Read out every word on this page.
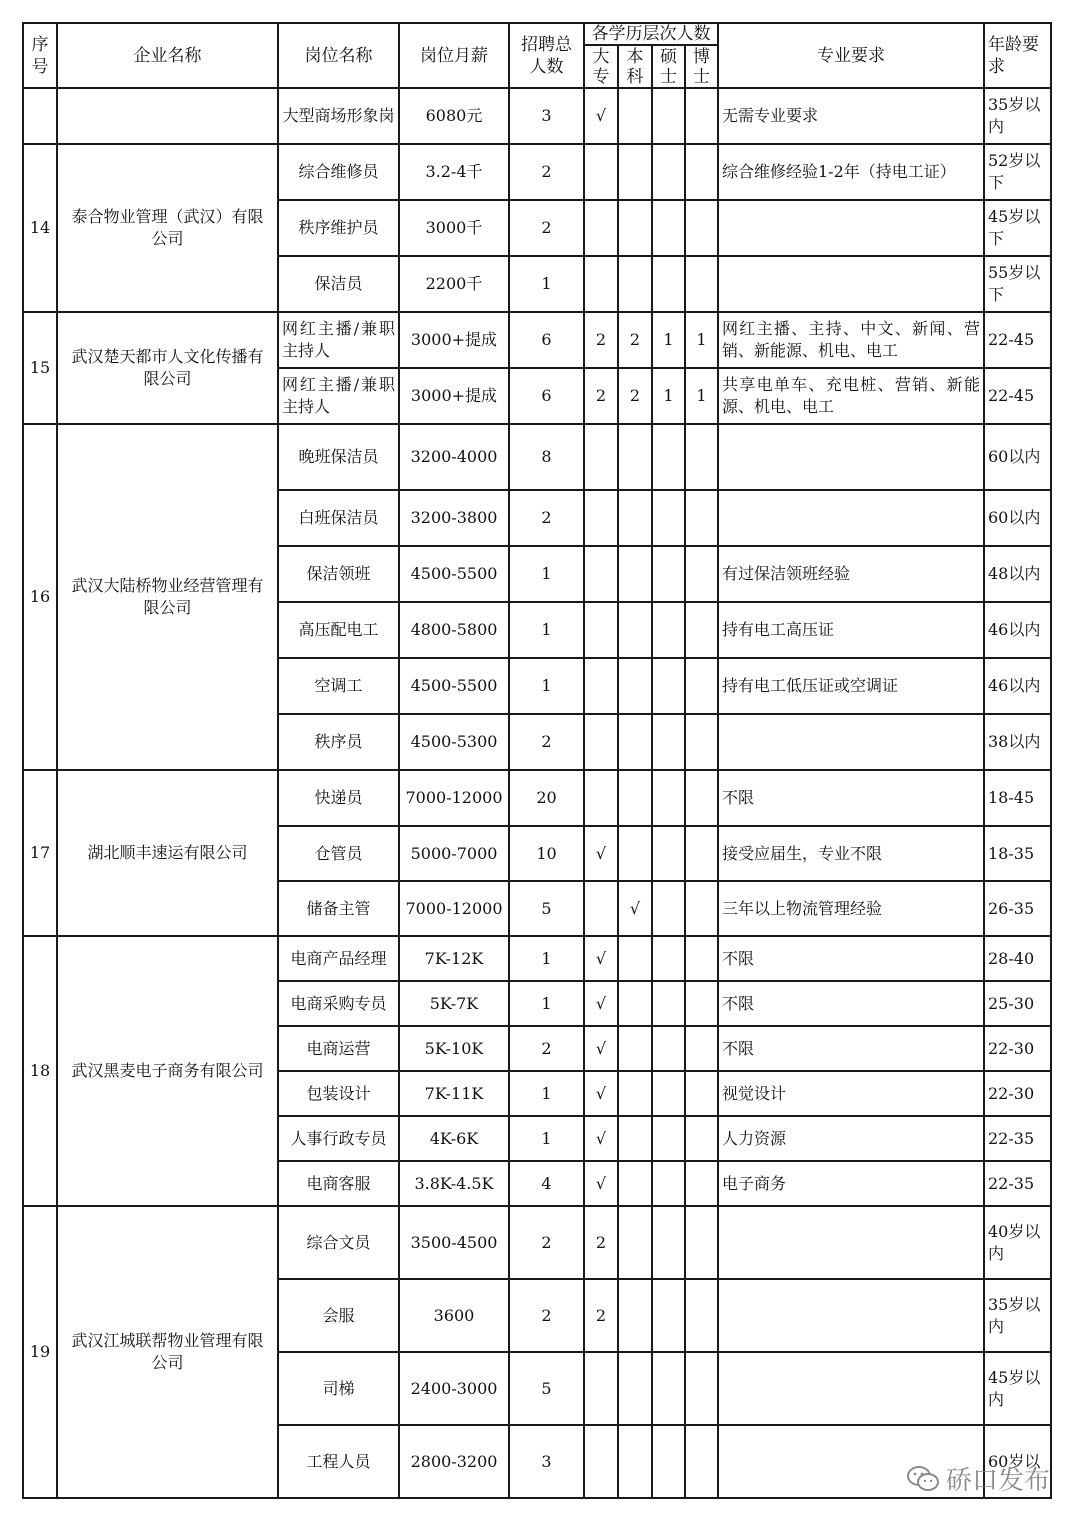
序号	企业名称	岗位名称	岗位月薪	招聘总人数	各学历层次人数				专业要求	年龄要求
					大专	本科	硕士	博士		
		大型商场形象岗	6080元	3	√				无需专业要求	35岁以内
14	泰合物业管理（武汉）有限公司	综合维修员	3.2-4千	2					综合维修经验1-2年（持电工证）	52岁以下
		秩序维护员	3000千	2						45岁以下
		保洁员	2200千	1						55岁以下
15	武汉楚天都市人文化传播有限公司	网红主播/兼职主持人	3000+提成	6	2	2	1	1	网红主播、主持、中文、新闻、营销、新能源、机电、电工	22-45
		网红主播/兼职主持人	3000+提成	6	2	2	1	1	共享电单车、充电桩、营销、新能源、机电、电工	22-45
16	武汉大陆桥物业经营管理有限公司	晚班保洁员	3200-4000	8						60以内
		白班保洁员	3200-3800	2						60以内
		保洁领班	4500-5500	1					有过保洁领班经验	48以内
		高压配电工	4800-5800	1					持有电工高压证	46以内
		空调工	4500-5500	1					持有电工低压证或空调证	46以内
		秩序员	4500-5300	2						38以内
17	湖北顺丰速运有限公司	快递员	7000-12000	20					不限	18-45
		仓管员	5000-7000	10	√				接受应届生，专业不限	18-35
		储备主管	7000-12000	5		√			三年以上物流管理经验	26-35
18	武汉黑麦电子商务有限公司	电商产品经理	7K-12K	1	√				不限	28-40
		电商采购专员	5K-7K	1	√				不限	25-30
		电商运营	5K-10K	2	√				不限	22-30
		包装设计	7K-11K	1	√				视觉设计	22-30
		人事行政专员	4K-6K	1	√				人力资源	22-35
		电商客服	3.8K-4.5K	4	√				电子商务	22-35
19	武汉江城联帮物业管理有限公司	综合文员	3500-4500	2	2					40岁以内
		会服	3600	2	2					35岁以内
		司梯	2400-3000	5						45岁以内
		工程人员	2800-3200	3						60岁以
硚口发布
